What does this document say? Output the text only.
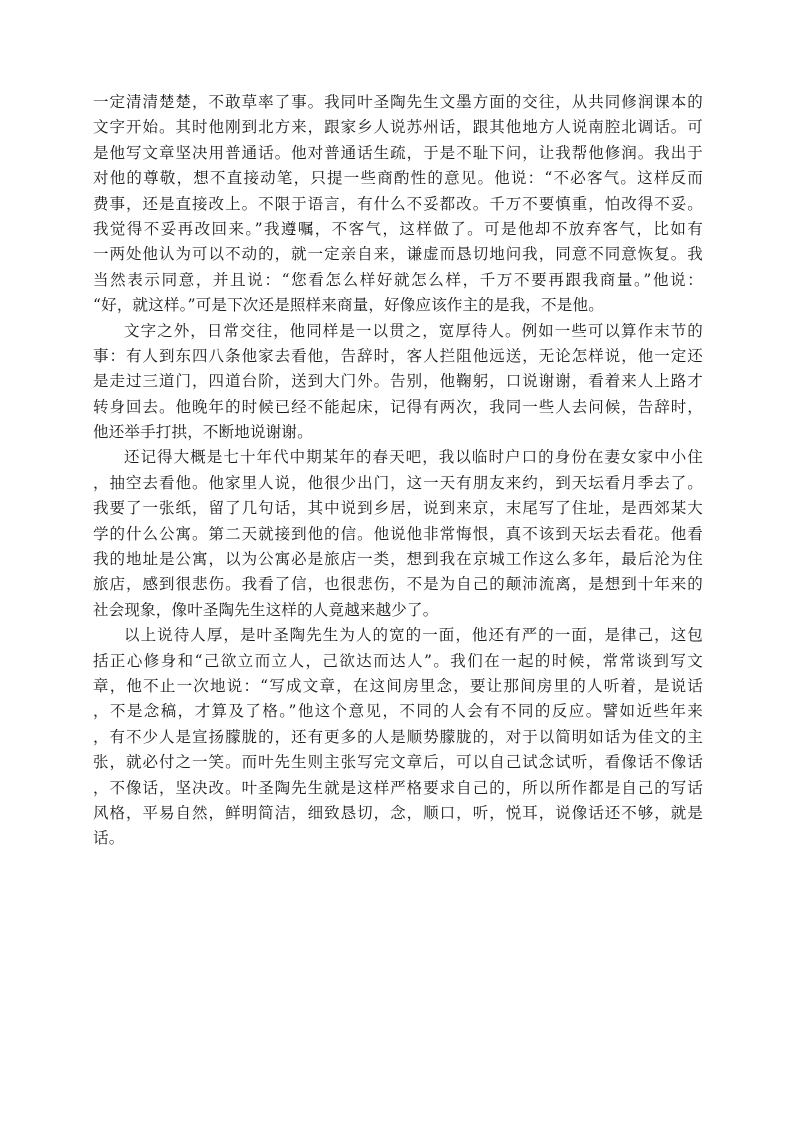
一定清清楚楚，不敢草率了事。我同叶圣陶先生文墨方面的交往，从共同修润课本的
文字开始。其时他刚到北方来，跟家乡人说苏州话，跟其他地方人说南腔北调话。可
是他写文章坚决用普通话。他对普通话生疏，于是不耻下问，让我帮他修润。我出于
对他的尊敬，想不直接动笔，只提一些商酌性的意见。他说：“不必客气。这样反而
费事，还是直接改上。不限于语言，有什么不妥都改。千万不要慎重，怕改得不妥。
我觉得不妥再改回来。”我遵嘱，不客气，这样做了。可是他却不放弃客气，比如有
一两处他认为可以不动的，就一定亲自来，谦虚而恳切地问我，同意不同意恢复。我
当然表示同意，并且说：“您看怎么样好就怎么样，千万不要再跟我商量。”他说：
“好，就这样。”可是下次还是照样来商量，好像应该作主的是我，不是他。
文字之外，日常交往，他同样是一以贯之，宽厚待人。例如一些可以算作末节的
事：有人到东四八条他家去看他，告辞时，客人拦阻他远送，无论怎样说，他一定还
是走过三道门，四道台阶，送到大门外。告别，他鞠躬，口说谢谢，看着来人上路才
转身回去。他晚年的时候已经不能起床，记得有两次，我同一些人去问候，告辞时，
他还举手打拱，不断地说谢谢。
还记得大概是七十年代中期某年的春天吧，我以临时户口的身份在妻女家中小住
，抽空去看他。他家里人说，他很少出门，这一天有朋友来约，到天坛看月季去了。
我要了一张纸，留了几句话，其中说到乡居，说到来京，末尾写了住址，是西郊某大
学的什么公寓。第二天就接到他的信。他说他非常悔恨，真不该到天坛去看花。他看
我的地址是公寓，以为公寓必是旅店一类，想到我在京城工作这么多年，最后沦为住
旅店，感到很悲伤。我看了信，也很悲伤，不是为自己的颠沛流离，是想到十年来的
社会现象，像叶圣陶先生这样的人竟越来越少了。
以上说待人厚，是叶圣陶先生为人的宽的一面，他还有严的一面，是律己，这包
括正心修身和“己欲立而立人，己欲达而达人”。我们在一起的时候，常常谈到写文
章，他不止一次地说：“写成文章，在这间房里念，要让那间房里的人听着，是说话
，不是念稿，才算及了格。”他这个意见，不同的人会有不同的反应。譬如近些年来
，有不少人是宣扬朦胧的，还有更多的人是顺势朦胧的，对于以简明如话为佳文的主
张，就必付之一笑。而叶先生则主张写完文章后，可以自己试念试听，看像话不像话
，不像话，坚决改。叶圣陶先生就是这样严格要求自己的，所以所作都是自己的写话
风格，平易自然，鲜明简洁，细致恳切，念，顺口，听，悦耳，说像话还不够，就是
话。
